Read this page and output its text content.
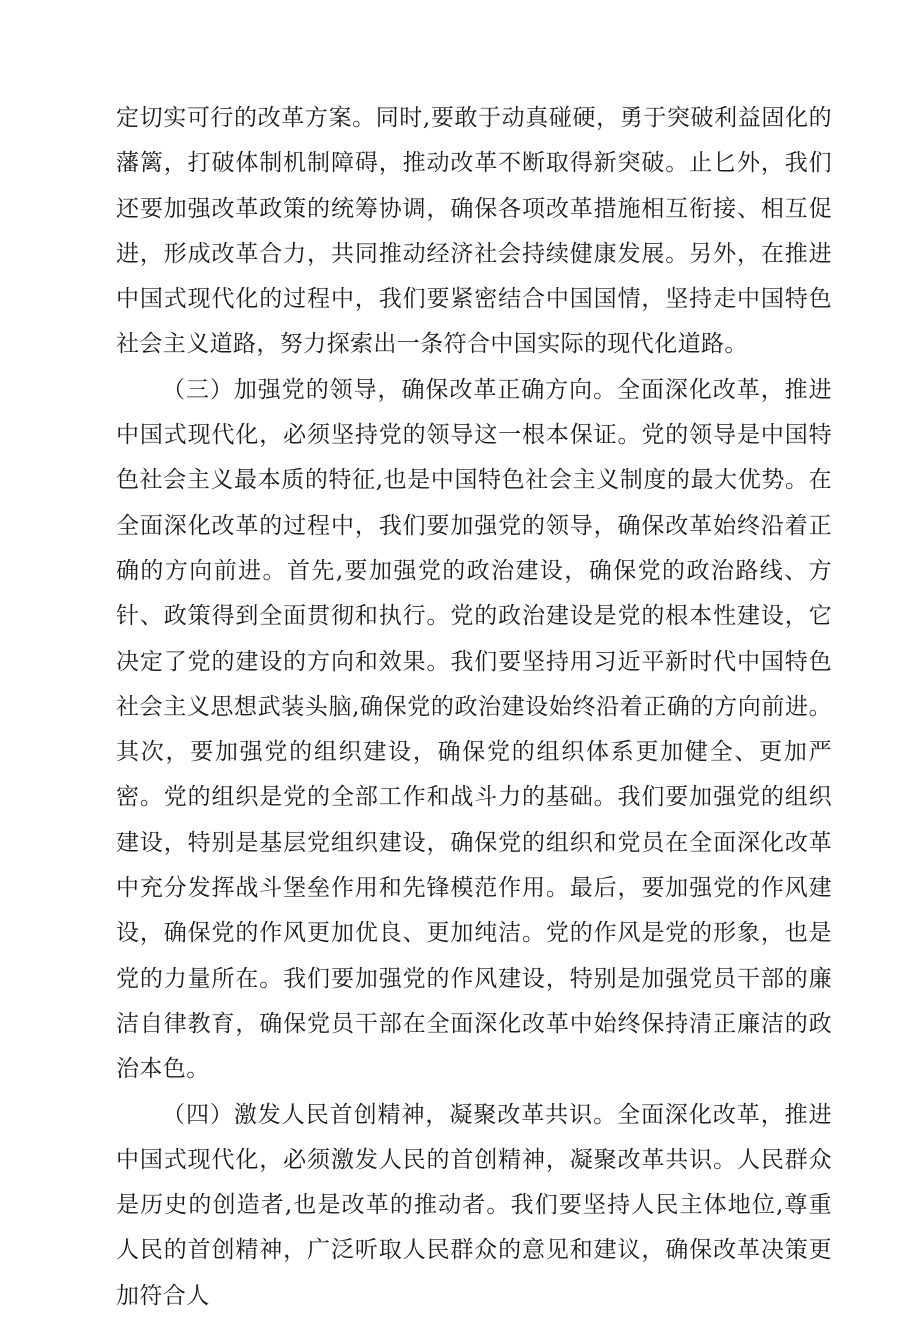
定切实可行的改革方案。同时,要敢于动真碰硬，勇于突破利益固化的藩篱，打破体制机制障碍，推动改革不断取得新突破。止匕外，我们还要加强改革政策的统筹协调，确保各项改革措施相互衔接、相互促进，形成改革合力，共同推动经济社会持续健康发展。另外，在推进中国式现代化的过程中，我们要紧密结合中国国情，坚持走中国特色社会主义道路，努力探索出一条符合中国实际的现代化道路。

（三）加强党的领导，确保改革正确方向。全面深化改革，推进中国式现代化，必须坚持党的领导这一根本保证。党的领导是中国特色社会主义最本质的特征,也是中国特色社会主义制度的最大优势。在全面深化改革的过程中，我们要加强党的领导，确保改革始终沿着正确的方向前进。首先,要加强党的政治建设，确保党的政治路线、方针、政策得到全面贯彻和执行。党的政治建设是党的根本性建设，它决定了党的建设的方向和效果。我们要坚持用习近平新时代中国特色社会主义思想武装头脑,确保党的政治建设始终沿着正确的方向前进。其次，要加强党的组织建设，确保党的组织体系更加健全、更加严密。党的组织是党的全部工作和战斗力的基础。我们要加强党的组织建设，特别是基层党组织建设，确保党的组织和党员在全面深化改革中充分发挥战斗堡垒作用和先锋模范作用。最后，要加强党的作风建设，确保党的作风更加优良、更加纯洁。党的作风是党的形象，也是党的力量所在。我们要加强党的作风建设，特别是加强党员干部的廉洁自律教育，确保党员干部在全面深化改革中始终保持清正廉洁的政治本色。

（四）激发人民首创精神，凝聚改革共识。全面深化改革，推进中国式现代化，必须激发人民的首创精神，凝聚改革共识。人民群众是历史的创造者,也是改革的推动者。我们要坚持人民主体地位,尊重人民的首创精神，广泛听取人民群众的意见和建议，确保改革决策更加符合人
